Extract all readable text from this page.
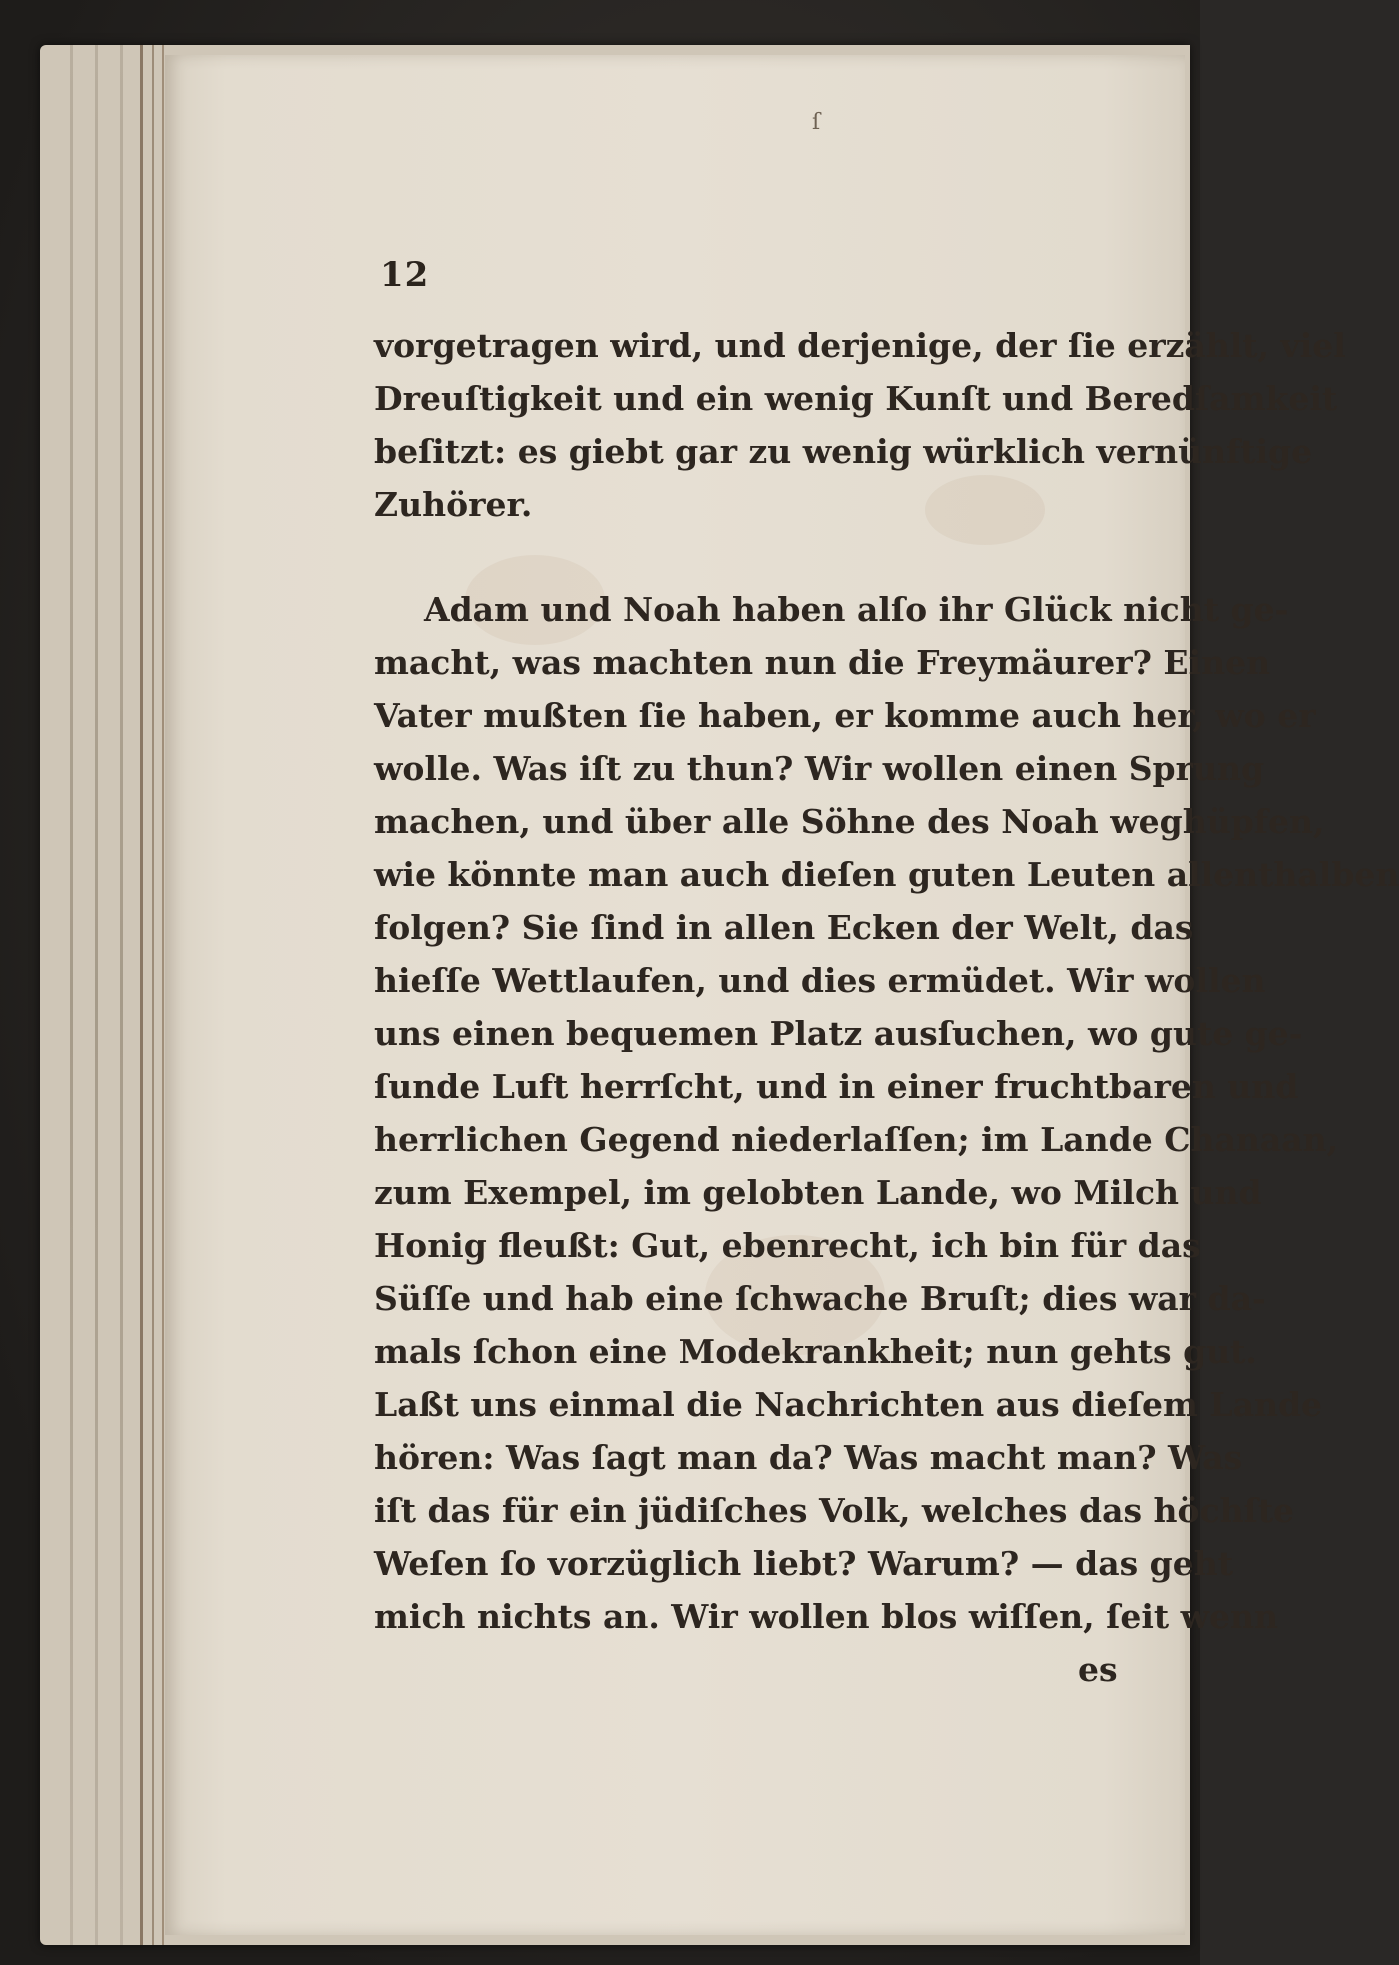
ſ
12
vorgetragen wird, und derjenige, der ſie erzählt, viel
Dreuſtigkeit und ein wenig Kunſt und Beredſamkeit
beſitzt: es giebt gar zu wenig würklich vernünftige
Zuhörer.
Adam und Noah haben alſo ihr Glück nicht ge-
macht, was machten nun die Freymäurer? Einen
Vater mußten ſie haben, er komme auch her, wo er
wolle. Was iſt zu thun? Wir wollen einen Sprung
machen, und über alle Söhne des Noah weghüpfen,
wie könnte man auch dieſen guten Leuten allenthalben
folgen? Sie ſind in allen Ecken der Welt, das
hieſſe Wettlaufen, und dies ermüdet. Wir wollen
uns einen bequemen Platz ausſuchen, wo gute ge-
ſunde Luft herrſcht, und in einer fruchtbaren und
herrlichen Gegend niederlaſſen; im Lande Chanaan,
zum Exempel, im gelobten Lande, wo Milch und
Honig fleußt: Gut, ebenrecht, ich bin für das
Süſſe und hab eine ſchwache Bruſt; dies war da-
mals ſchon eine Modekrankheit; nun gehts gut.
Laßt uns einmal die Nachrichten aus dieſem Lande
hören: Was ſagt man da? Was macht man? Was
iſt das für ein jüdiſches Volk, welches das höchſte
Weſen ſo vorzüglich liebt? Warum? — das geht
mich nichts an. Wir wollen blos wiſſen, ſeit wenn
es
